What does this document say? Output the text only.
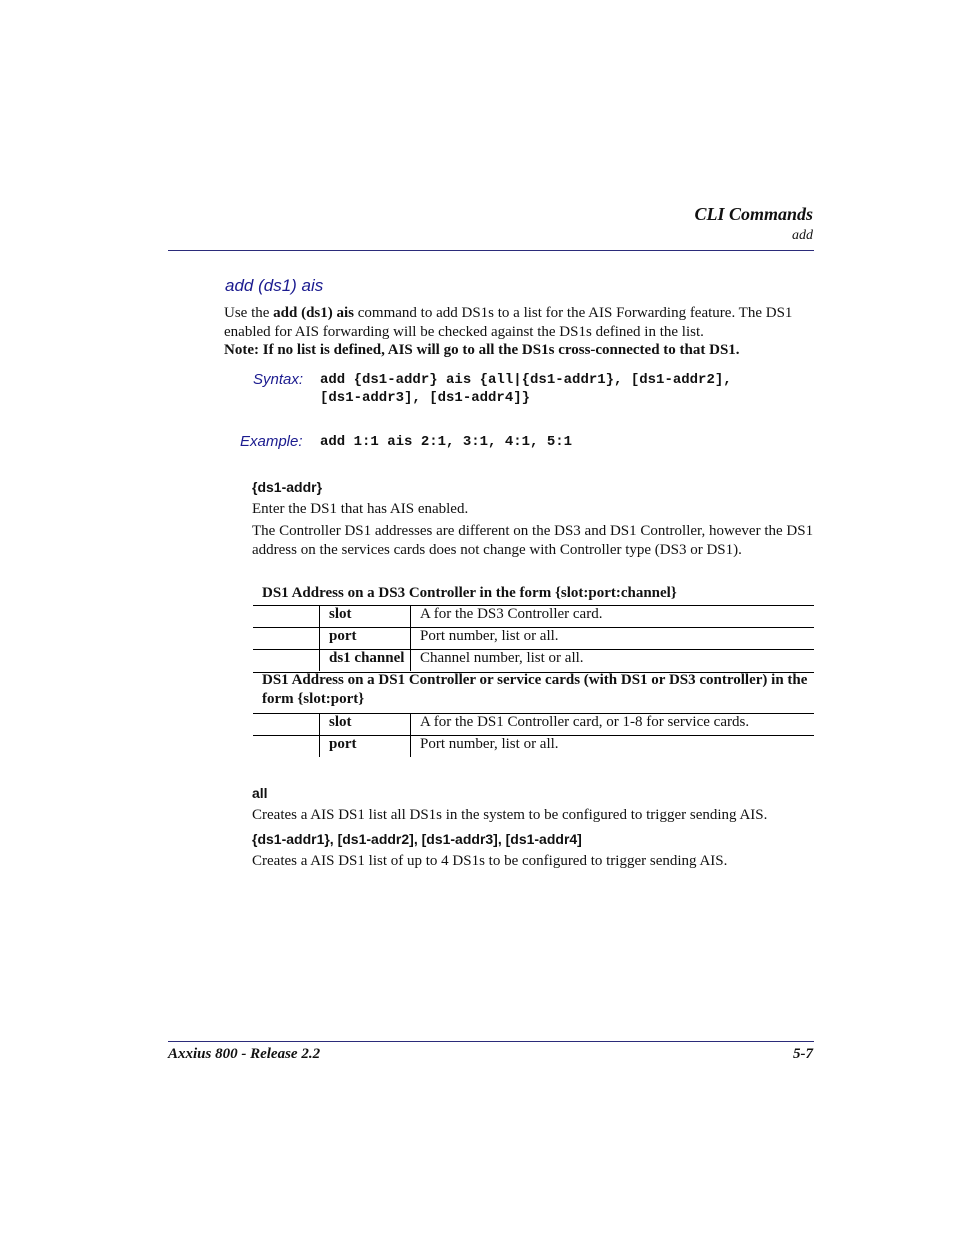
CLI Commands
add
add (ds1) ais
Use the add (ds1) ais command to add DS1s to a list for the AIS Forwarding feature. The DS1 enabled for AIS forwarding will be checked against the DS1s defined in the list.
Note: If no list is defined, AIS will go to all the DS1s cross-connected to that DS1.
Syntax: add {ds1-addr} ais {all|{ds1-addr1}, [ds1-addr2],
[ds1-addr3], [ds1-addr4]}
Example: add 1:1 ais 2:1, 3:1, 4:1, 5:1
{ds1-addr}
Enter the DS1 that has AIS enabled.
The Controller DS1 addresses are different on the DS3 and DS1 Controller, however the DS1 address on the services cards does not change with Controller type (DS3 or DS1).
DS1 Address on a DS3 Controller in the form {slot:port:channel}
	slot	A for the DS3 Controller card.
	port	Port number, list or all.
	ds1 channel	Channel number, list or all.
DS1 Address on a DS1 Controller or service cards (with DS1 or DS3 controller) in the form {slot:port}
	slot	A for the DS1 Controller card, or 1-8 for service cards.
	port	Port number, list or all.
all
Creates a AIS DS1 list all DS1s in the system to be configured to trigger sending AIS.
{ds1-addr1}, [ds1-addr2], [ds1-addr3], [ds1-addr4]
Creates a AIS DS1 list of up to 4 DS1s to be configured to trigger sending AIS.
Axxius 800 - Release 2.2	5-7
